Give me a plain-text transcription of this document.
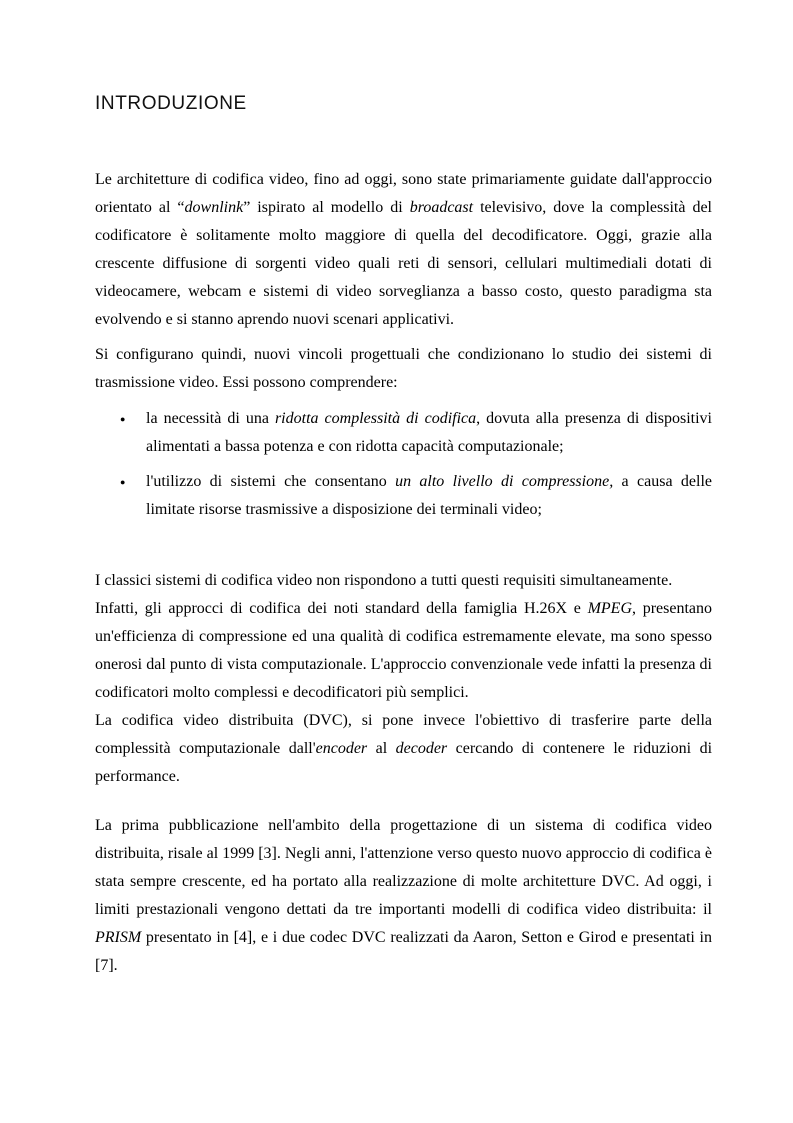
INTRODUZIONE

Le architetture di codifica video, fino ad oggi, sono state primariamente guidate dall'approccio orientato al “downlink” ispirato al modello di broadcast televisivo, dove la complessità del codificatore è solitamente molto maggiore di quella del decodificatore. Oggi, grazie alla crescente diffusione di sorgenti video quali reti di sensori, cellulari multimediali dotati di videocamere, webcam e sistemi di video sorveglianza a basso costo, questo paradigma sta evolvendo e si stanno aprendo nuovi scenari applicativi.

Si configurano quindi, nuovi vincoli progettuali che condizionano lo studio dei sistemi di trasmissione video. Essi possono comprendere:

●	la necessità di una ridotta complessità di codifica, dovuta alla presenza di dispositivi alimentati a bassa potenza e con ridotta capacità computazionale;
●	l'utilizzo di sistemi che consentano un alto livello di compressione, a causa delle limitate risorse trasmissive a disposizione dei terminali video;

I classici sistemi di codifica video non rispondono a tutti questi requisiti simultaneamente.

Infatti, gli approcci di codifica dei noti standard della famiglia H.26X e MPEG, presentano un'efficienza di compressione ed una qualità di codifica estremamente elevate, ma sono spesso onerosi dal punto di vista computazionale. L'approccio convenzionale vede infatti la presenza di codificatori molto complessi e decodificatori più semplici.

La codifica video distribuita (DVC), si pone invece l'obiettivo di trasferire parte della complessità computazionale dall'encoder al decoder cercando di contenere le riduzioni di performance.

La prima pubblicazione nell'ambito della progettazione di un sistema di codifica video distribuita, risale al 1999 [3]. Negli anni, l'attenzione verso questo nuovo approccio di codifica è stata sempre crescente, ed ha portato alla realizzazione di molte architetture DVC. Ad oggi, i limiti prestazionali vengono dettati da tre importanti modelli di codifica video distribuita: il PRISM presentato in [4], e i due codec DVC realizzati da Aaron, Setton e Girod e presentati in [7].
